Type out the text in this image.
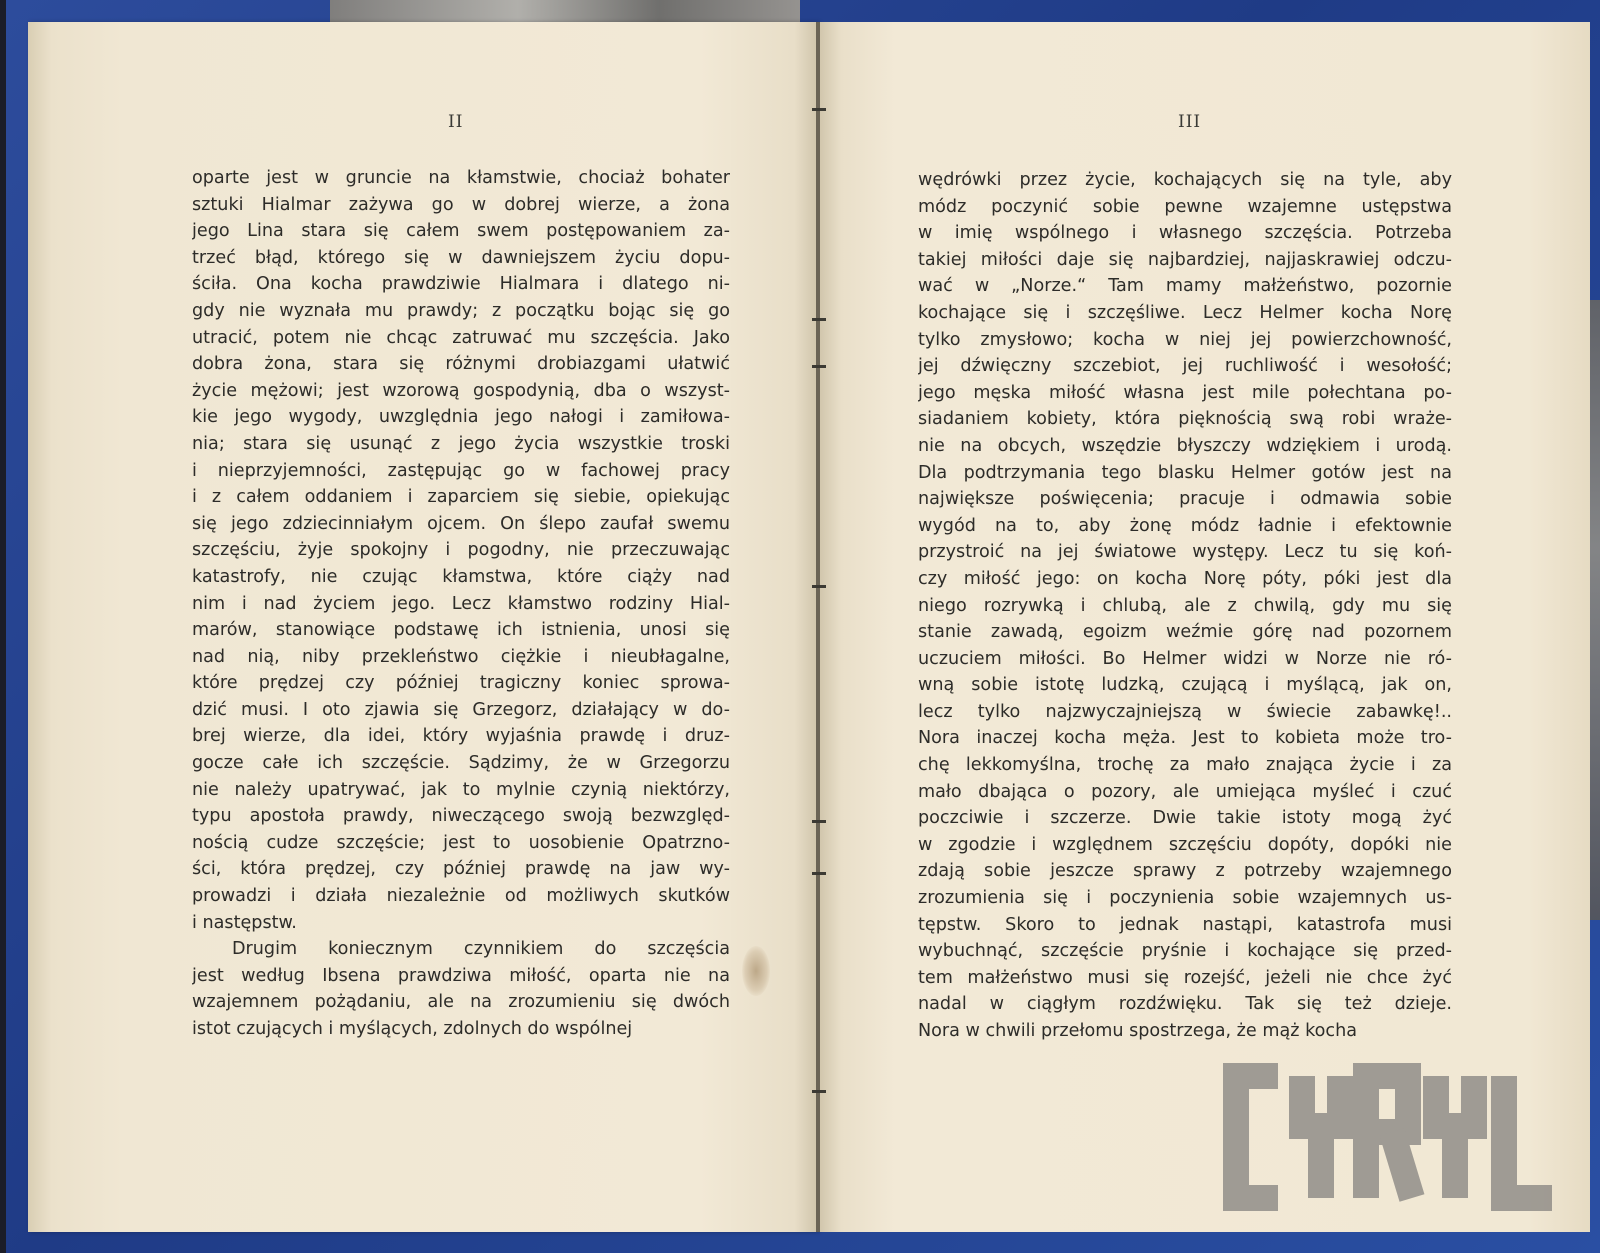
II	III
oparte jest w gruncie na kłamstwie, chociaż bohater
sztuki Hialmar zażywa go w dobrej wierze, a żona
jego Lina stara się całem swem postępowaniem za-
trzeć błąd, którego się w dawniejszem życiu dopu-
ściła. Ona kocha prawdziwie Hialmara i dlatego ni-
gdy nie wyznała mu prawdy; z początku bojąc się go
utracić, potem nie chcąc zatruwać mu szczęścia. Jako
dobra żona, stara się różnymi drobiazgami ułatwić
życie mężowi; jest wzorową gospodynią, dba o wszyst-
kie jego wygody, uwzględnia jego nałogi i zamiłowa-
nia; stara się usunąć z jego życia wszystkie troski
i nieprzyjemności, zastępując go w fachowej pracy
i z całem oddaniem i zaparciem się siebie, opiekując
się jego zdziecinniałym ojcem. On ślepo zaufał swemu
szczęściu, żyje spokojny i pogodny, nie przeczuwając
katastrofy, nie czując kłamstwa, które ciąży nad
nim i nad życiem jego. Lecz kłamstwo rodziny Hial-
marów, stanowiące podstawę ich istnienia, unosi się
nad nią, niby przekleństwo ciężkie i nieubłagalne,
które prędzej czy później tragiczny koniec sprowa-
dzić musi. I oto zjawia się Grzegorz, działający w do-
brej wierze, dla idei, który wyjaśnia prawdę i druz-
gocze całe ich szczęście. Sądzimy, że w Grzegorzu
nie należy upatrywać, jak to mylnie czynią niektórzy,
typu apostoła prawdy, niweczącego swoją bezwzględ-
nością cudze szczęście; jest to uosobienie Opatrzno-
ści, która prędzej, czy później prawdę na jaw wy-
prowadzi i działa niezależnie od możliwych skutków
i następstw.
Drugim koniecznym czynnikiem do szczęścia
jest według Ibsena prawdziwa miłość, oparta nie na
wzajemnem pożądaniu, ale na zrozumieniu się dwóch
istot czujących i myślących, zdolnych do wspólnej
wędrówki przez życie, kochających się na tyle, aby
módz poczynić sobie pewne wzajemne ustępstwa
w imię wspólnego i własnego szczęścia. Potrzeba
takiej miłości daje się najbardziej, najjaskrawiej odczu-
wać w „Norze.“ Tam mamy małżeństwo, pozornie
kochające się i szczęśliwe. Lecz Helmer kocha Norę
tylko zmysłowo; kocha w niej jej powierzchowność,
jej dźwięczny szczebiot, jej ruchliwość i wesołość;
jego męska miłość własna jest mile połechtana po-
siadaniem kobiety, która pięknością swą robi wraże-
nie na obcych, wszędzie błyszczy wdziękiem i urodą.
Dla podtrzymania tego blasku Helmer gotów jest na
największe poświęcenia; pracuje i odmawia sobie
wygód na to, aby żonę módz ładnie i efektownie
przystroić na jej światowe występy. Lecz tu się koń-
czy miłość jego: on kocha Norę póty, póki jest dla
niego rozrywką i chlubą, ale z chwilą, gdy mu się
stanie zawadą, egoizm weźmie górę nad pozornem
uczuciem miłości. Bo Helmer widzi w Norze nie ró-
wną sobie istotę ludzką, czującą i myślącą, jak on,
lecz tylko najzwyczajniejszą w świecie zabawkę!..
Nora inaczej kocha męża. Jest to kobieta może tro-
chę lekkomyślna, trochę za mało znająca życie i za
mało dbająca o pozory, ale umiejąca myśleć i czuć
poczciwie i szczerze. Dwie takie istoty mogą żyć
w zgodzie i względnem szczęściu dopóty, dopóki nie
zdają sobie jeszcze sprawy z potrzeby wzajemnego
zrozumienia się i poczynienia sobie wzajemnych us-
tępstw. Skoro to jednak nastąpi, katastrofa musi
wybuchnąć, szczęście pryśnie i kochające się przed-
tem małżeństwo musi się rozejść, jeżeli nie chce żyć
nadal w ciągłym rozdźwięku. Tak się też dzieje.
Nora w chwili przełomu spostrzega, że mąż kocha
